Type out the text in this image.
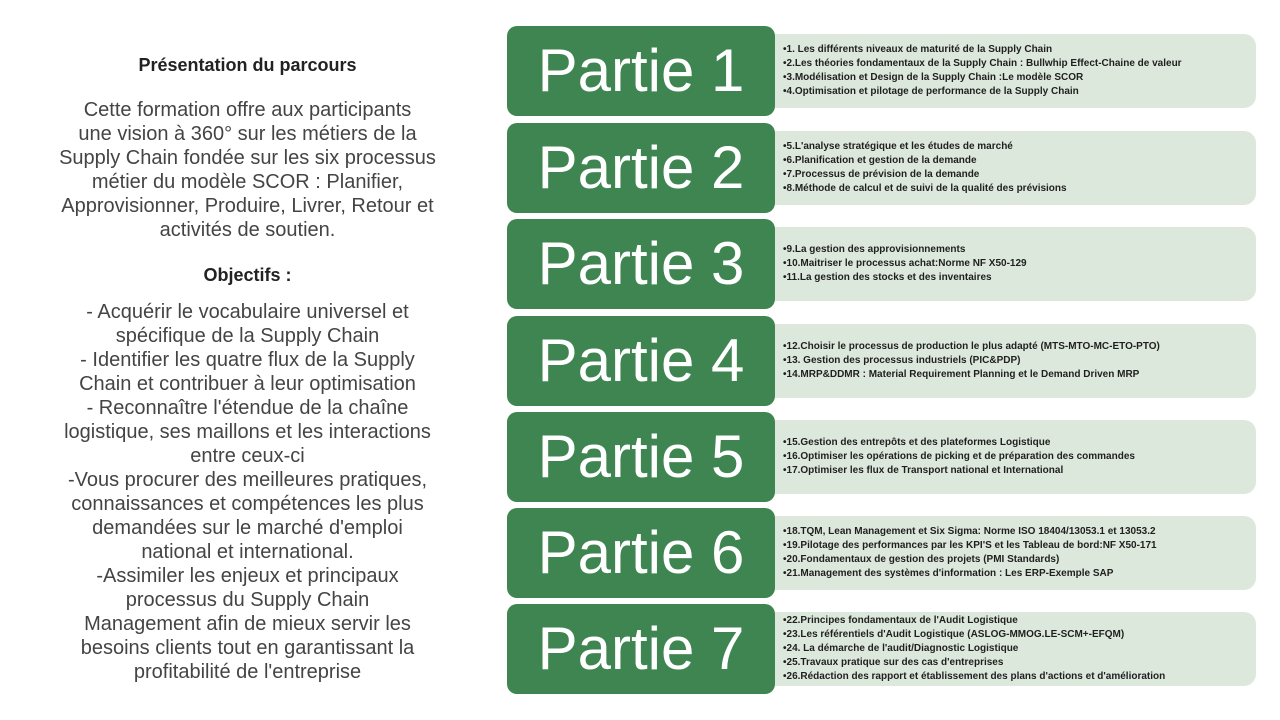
Présentation du parcours

Cette formation offre aux participants
une vision à 360° sur les métiers de la
Supply Chain fondée sur les six processus
métier du modèle SCOR : Planifier,
Approvisionner, Produire, Livrer, Retour et
activités de soutien.

Objectifs :

- Acquérir le vocabulaire universel et
spécifique de la Supply Chain
- Identifier les quatre flux de la Supply
Chain et contribuer à leur optimisation
- Reconnaître l'étendue de la chaîne
logistique, ses maillons et les interactions
entre ceux-ci
-Vous procurer des meilleures pratiques,
connaissances et compétences les plus
demandées sur le marché d'emploi
national et international.
-Assimiler les enjeux et principaux
processus du Supply Chain
Management afin de mieux servir les
besoins clients tout en garantissant la
profitabilité de l'entreprise

Partie 1	•1. Les différents niveaux de maturité de la Supply Chain
•2.Les théories fondamentaux de la Supply Chain : Bullwhip Effect-Chaine de valeur
•3.Modélisation et Design de la Supply Chain :Le modèle SCOR
•4.Optimisation et pilotage de performance de la Supply Chain
Partie 2	•5.L'analyse stratégique et les études de marché
•6.Planification et gestion de la demande
•7.Processus de prévision de la demande
•8.Méthode de calcul et de suivi de la qualité des prévisions
Partie 3	•9.La gestion des approvisionnements
•10.Maitriser le processus achat:Norme NF X50-129
•11.La gestion des stocks et des inventaires
Partie 4	•12.Choisir le processus de production le plus adapté (MTS-MTO-MC-ETO-PTO)
•13. Gestion des processus industriels (PIC&PDP)
•14.MRP&DDMR : Material Requirement Planning et le Demand Driven MRP
Partie 5	•15.Gestion des entrepôts et des plateformes Logistique
•16.Optimiser les opérations de picking et de préparation des commandes
•17.Optimiser les flux de Transport national et International
Partie 6	•18.TQM, Lean Management et Six Sigma: Norme ISO 18404/13053.1 et 13053.2
•19.Pilotage des performances par les KPI'S et les Tableau de bord:NF X50-171
•20.Fondamentaux de gestion des projets (PMI Standards)
•21.Management des systèmes d'information : Les ERP-Exemple SAP
Partie 7	•22.Principes fondamentaux de l'Audit Logistique
•23.Les référentiels d'Audit Logistique (ASLOG-MMOG.LE-SCM+-EFQM)
•24. La démarche de l'audit/Diagnostic Logistique
•25.Travaux pratique sur des cas d'entreprises
•26.Rédaction des rapport et établissement des plans d'actions et d'amélioration
